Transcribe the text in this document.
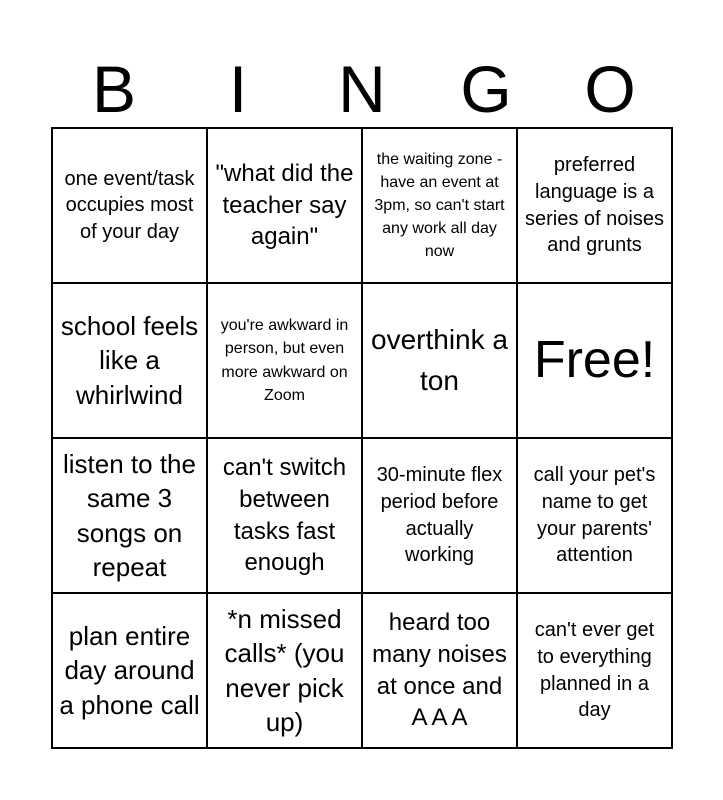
B	I	N	G	O
one event/task occupies most of your day
"what did the teacher say again"
the waiting zone - have an event at 3pm, so can't start any work all day now
preferred language is a series of noises and grunts
school feels like a whirlwind
you're awkward in person, but even more awkward on Zoom
overthink a ton	Free!
listen to the same 3 songs on repeat
can't switch between tasks fast enough
30-minute flex period before actually working
call your pet's name to get your parents' attention
plan entire day around a phone call
*n missed calls* (you never pick up)
heard too many noises at once and A A A
can't ever get to everything planned in a day
